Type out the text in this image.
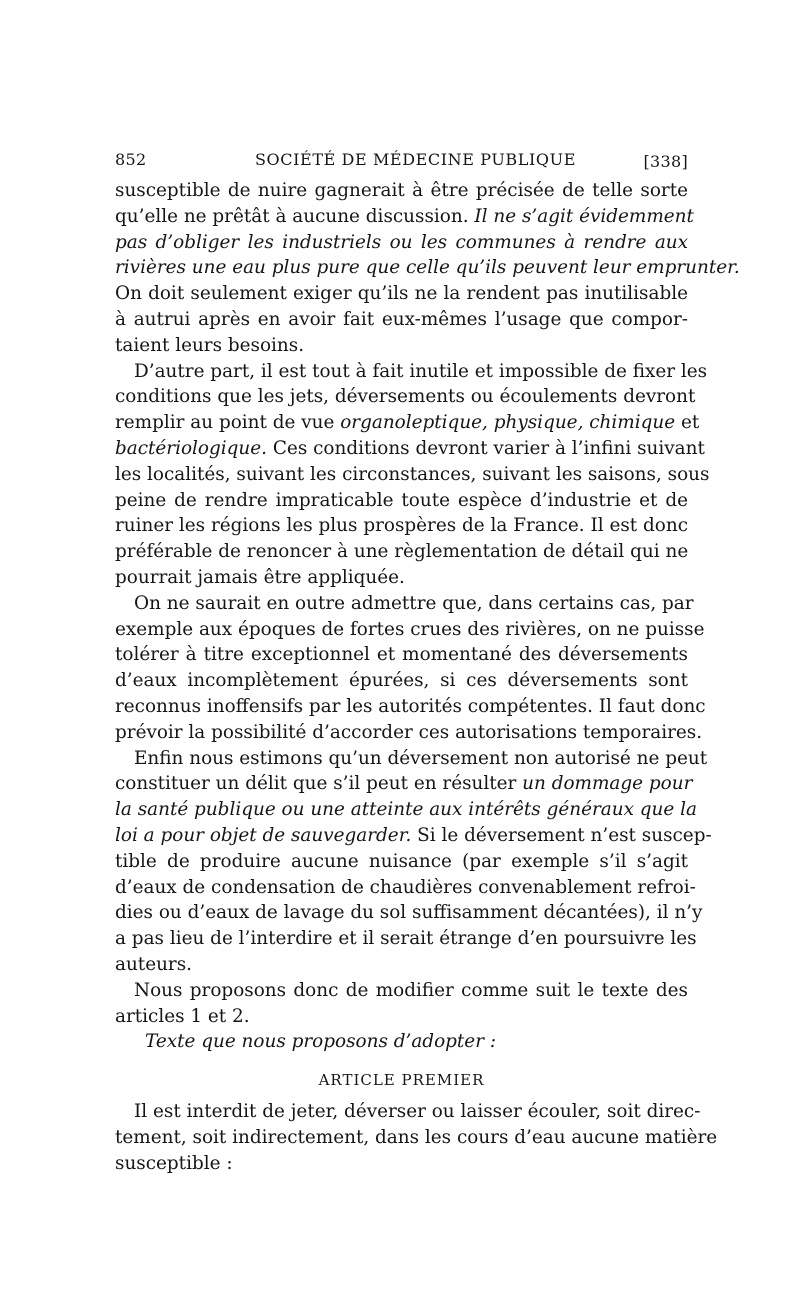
852	SOCIÉTÉ DE MÉDECINE PUBLIQUE	[338]
susceptible de nuire gagnerait à être précisée de telle sorte
qu’elle ne prêtât à aucune discussion. Il ne s’agit évidemment
pas d’obliger les industriels ou les communes à rendre aux
rivières une eau plus pure que celle qu’ils peuvent leur emprunter.
On doit seulement exiger qu’ils ne la rendent pas inutilisable
à autrui après en avoir fait eux-mêmes l’usage que compor-
taient leurs besoins.
D’autre part, il est tout à fait inutile et impossible de fixer les
conditions que les jets, déversements ou écoulements devront
remplir au point de vue organoleptique, physique, chimique et
bactériologique. Ces conditions devront varier à l’infini suivant
les localités, suivant les circonstances, suivant les saisons, sous
peine de rendre impraticable toute espèce d’industrie et de
ruiner les régions les plus prospères de la France. Il est donc
préférable de renoncer à une règlementation de détail qui ne
pourrait jamais être appliquée.
On ne saurait en outre admettre que, dans certains cas, par
exemple aux époques de fortes crues des rivières, on ne puisse
tolérer à titre exceptionnel et momentané des déversements
d’eaux incomplètement épurées, si ces déversements sont
reconnus inoffensifs par les autorités compétentes. Il faut donc
prévoir la possibilité d’accorder ces autorisations temporaires.
Enfin nous estimons qu’un déversement non autorisé ne peut
constituer un délit que s’il peut en résulter un dommage pour
la santé publique ou une atteinte aux intérêts généraux que la
loi a pour objet de sauvegarder. Si le déversement n’est suscep-
tible de produire aucune nuisance (par exemple s’il s’agit
d’eaux de condensation de chaudières convenablement refroi-
dies ou d’eaux de lavage du sol suffisamment décantées), il n’y
a pas lieu de l’interdire et il serait étrange d’en poursuivre les
auteurs.
Nous proposons donc de modifier comme suit le texte des
articles 1 et 2.
Texte que nous proposons d’adopter :
ARTICLE PREMIER
Il est interdit de jeter, déverser ou laisser écouler, soit direc-
tement, soit indirectement, dans les cours d’eau aucune matière
susceptible :
